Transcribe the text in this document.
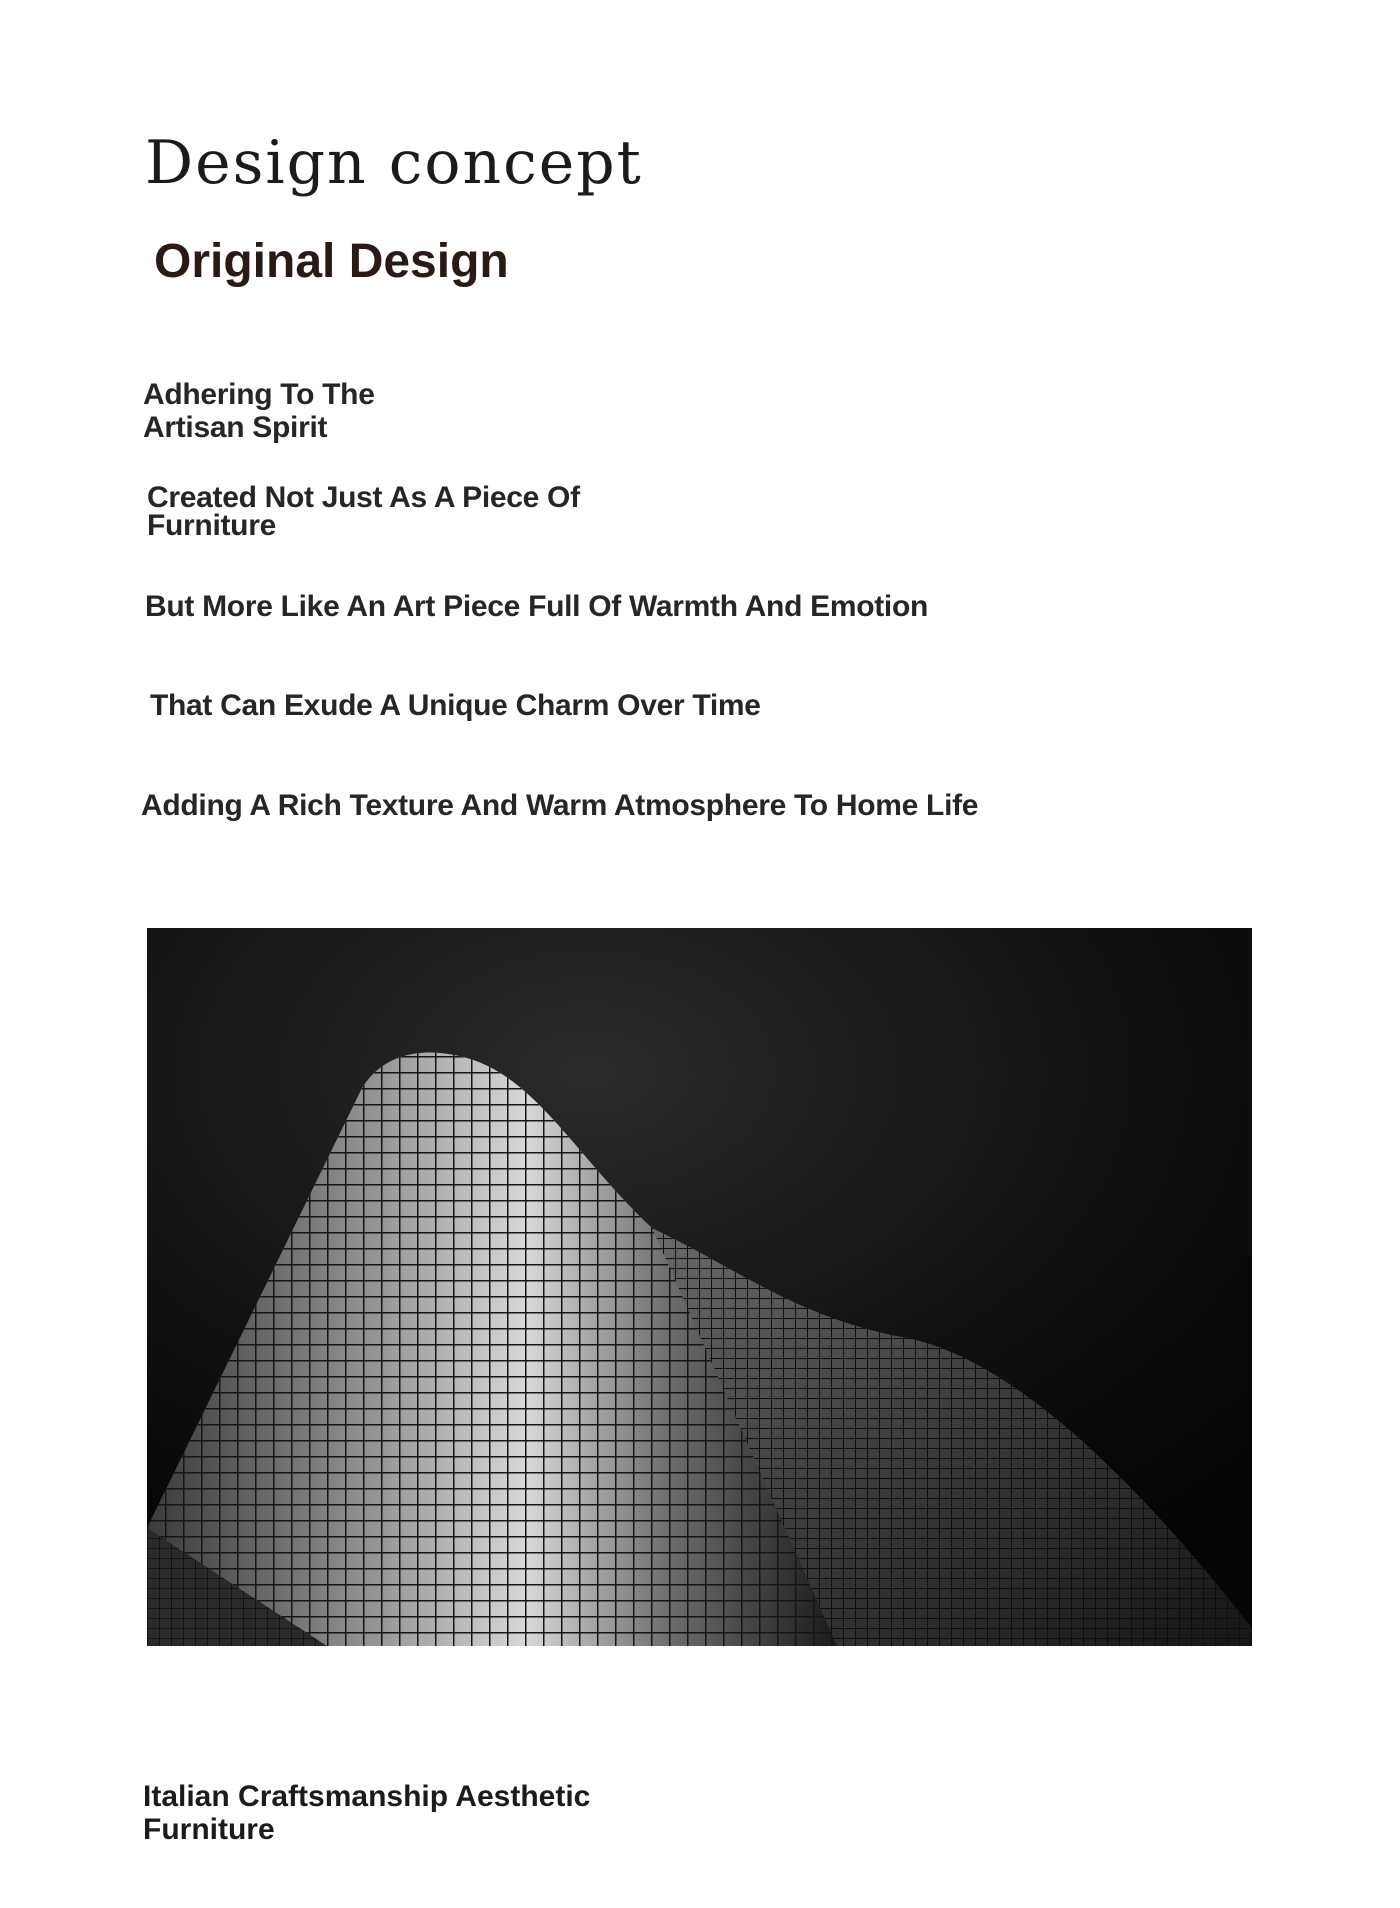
Design concept
Original Design
Adhering To The
Artisan Spirit
Created Not Just As A Piece Of
Furniture
But More Like An Art Piece Full Of Warmth And Emotion
That Can Exude A Unique Charm Over Time
Adding A Rich Texture And Warm Atmosphere To Home Life
Italian Craftsmanship Aesthetic
Furniture
